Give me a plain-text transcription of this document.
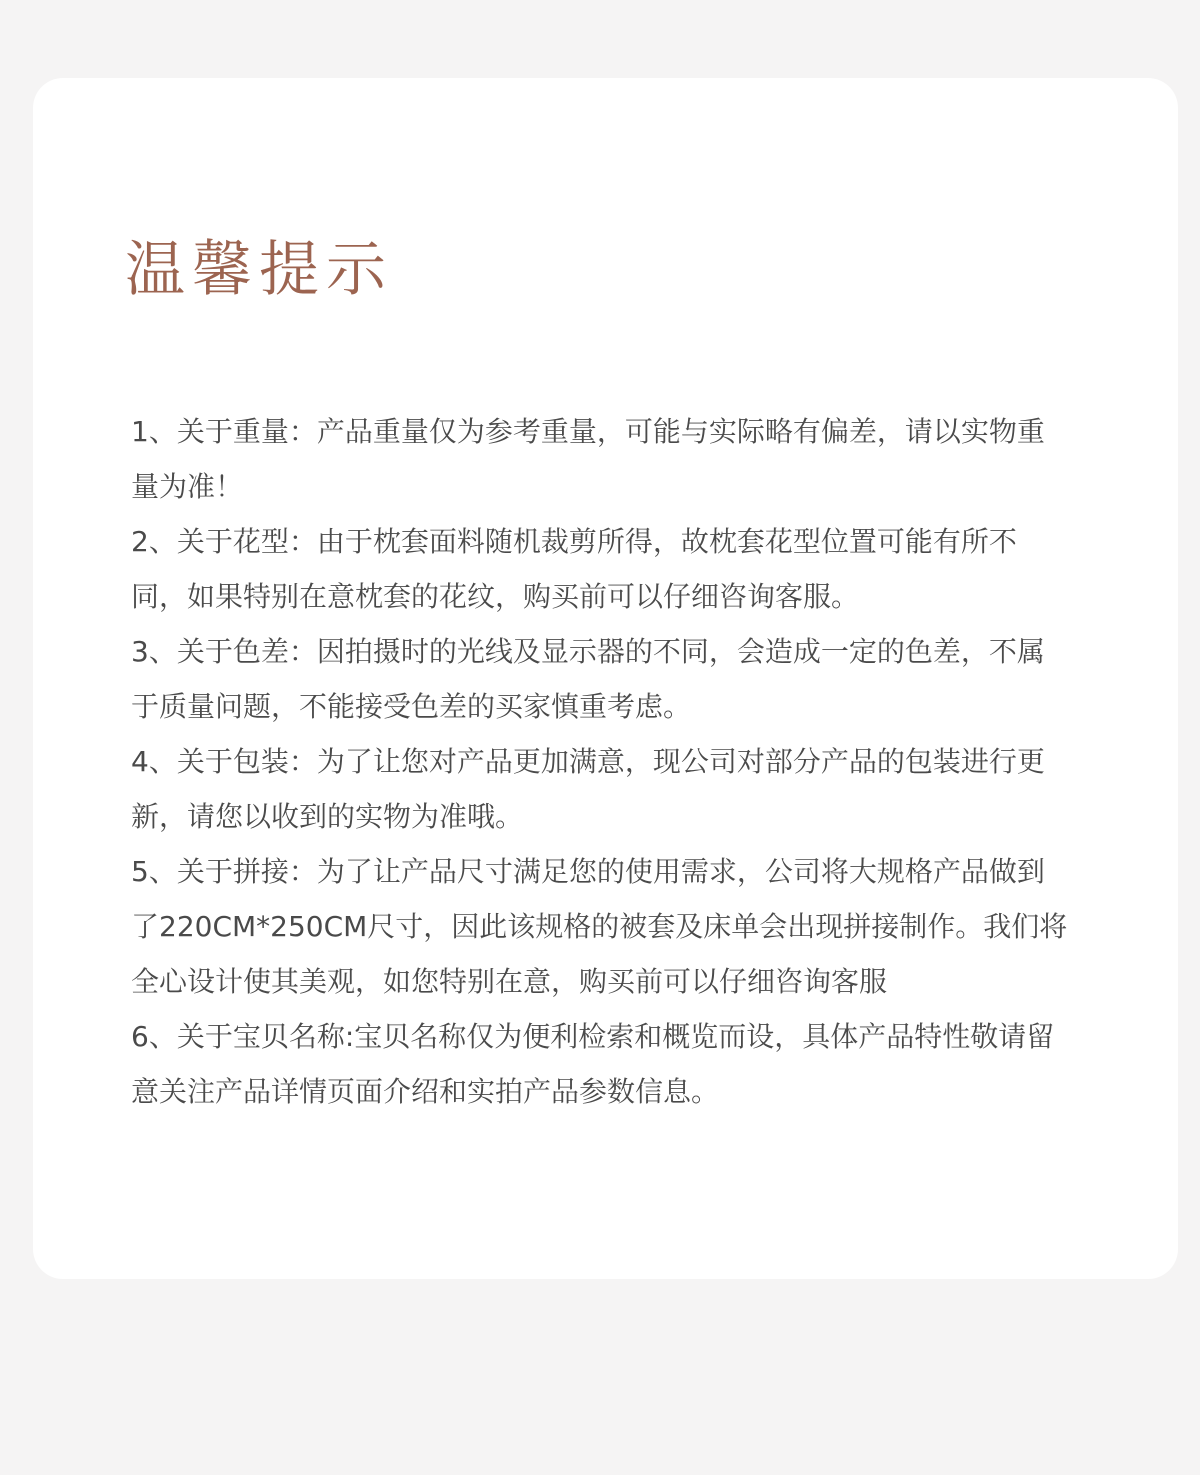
温馨提示
1、关于重量：产品重量仅为参考重量，可能与实际略有偏差，请以实物重量为准！
2、关于花型：由于枕套面料随机裁剪所得，故枕套花型位置可能有所不同，如果特别在意枕套的花纹，购买前可以仔细咨询客服。
3、关于色差：因拍摄时的光线及显示器的不同，会造成一定的色差，不属于质量问题，不能接受色差的买家慎重考虑。
4、关于包装：为了让您对产品更加满意，现公司对部分产品的包装进行更新，请您以收到的实物为准哦。
5、关于拼接：为了让产品尺寸满足您的使用需求，公司将大规格产品做到了220CM*250CM尺寸，因此该规格的被套及床单会出现拼接制作。我们将全心设计使其美观，如您特别在意，购买前可以仔细咨询客服
6、关于宝贝名称:宝贝名称仅为便利检索和概览而设，具体产品特性敬请留意关注产品详情页面介绍和实拍产品参数信息。
